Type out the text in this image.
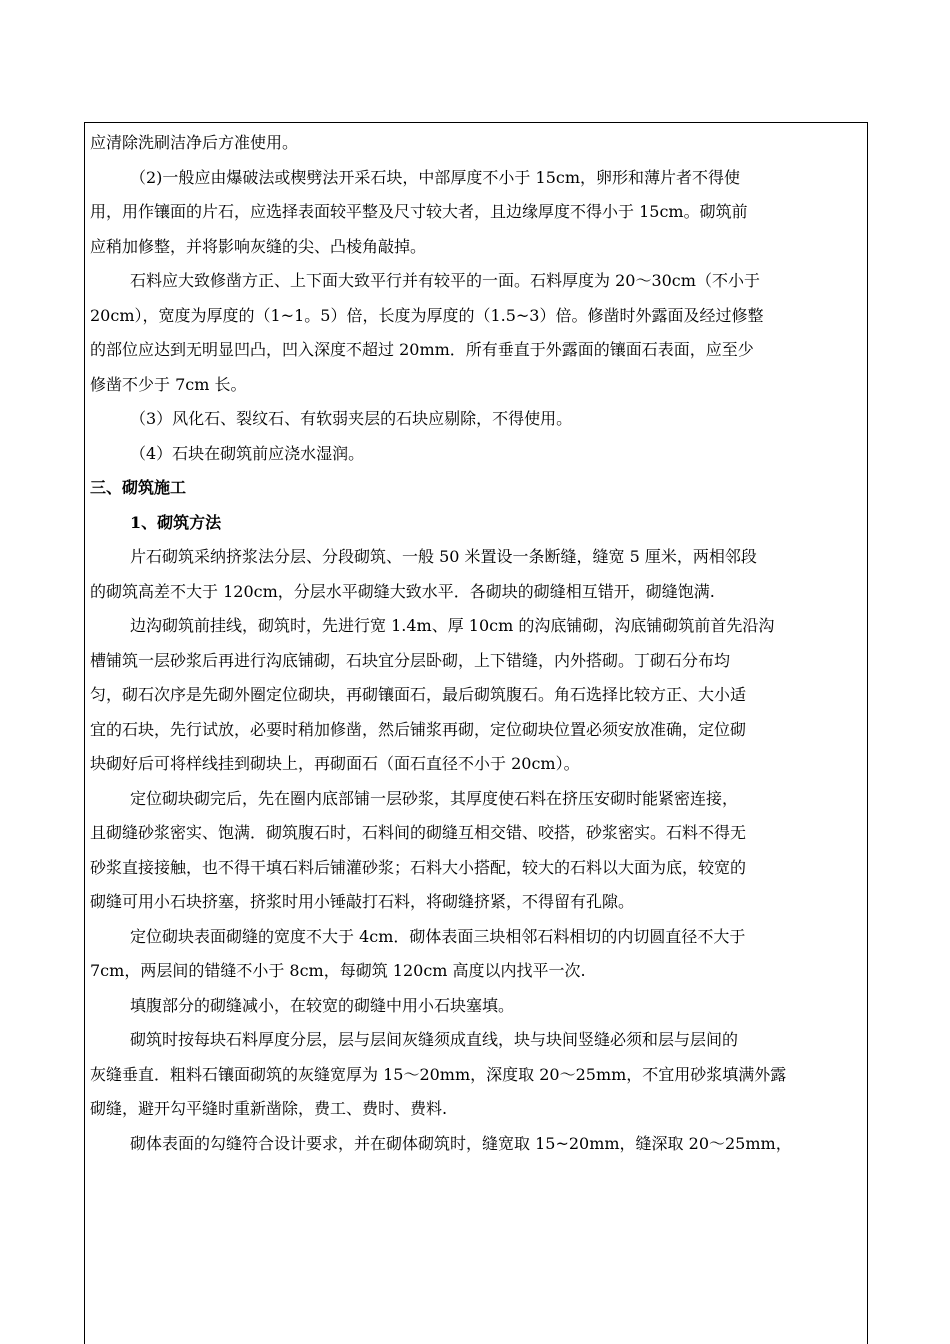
应清除洗刷洁净后方准使用。
（2)一般应由爆破法或楔劈法开采石块，中部厚度不小于 15cm，卵形和薄片者不得使
用，用作镶面的片石，应选择表面较平整及尺寸较大者，且边缘厚度不得小于 15cm。砌筑前
应稍加修整，并将影响灰缝的尖、凸棱角敲掉。
石料应大致修凿方正、上下面大致平行并有较平的一面。石料厚度为 20～30cm（不小于
20cm），宽度为厚度的（1~1。5）倍，长度为厚度的（1.5~3）倍。修凿时外露面及经过修整
的部位应达到无明显凹凸，凹入深度不超过 20mm．所有垂直于外露面的镶面石表面，应至少
修凿不少于 7cm 长。
（3）风化石、裂纹石、有软弱夹层的石块应剔除，不得使用。
（4）石块在砌筑前应浇水湿润。
三、砌筑施工
1、砌筑方法
片石砌筑采纳挤浆法分层、分段砌筑、一般 50 米置设一条断缝，缝宽 5 厘米，两相邻段
的砌筑高差不大于 120cm，分层水平砌缝大致水平．各砌块的砌缝相互错开，砌缝饱满.
边沟砌筑前挂线，砌筑时，先进行宽 1.4m、厚 10cm 的沟底铺砌，沟底铺砌筑前首先沿沟
槽铺筑一层砂浆后再进行沟底铺砌，石块宜分层卧砌，上下错缝，内外搭砌。丁砌石分布均
匀，砌石次序是先砌外圈定位砌块，再砌镶面石，最后砌筑腹石。角石选择比较方正、大小适
宜的石块，先行试放，必要时稍加修凿，然后铺浆再砌，定位砌块位置必须安放准确，定位砌
块砌好后可将样线挂到砌块上，再砌面石（面石直径不小于 20cm）。
定位砌块砌完后，先在圈内底部铺一层砂浆，其厚度使石料在挤压安砌时能紧密连接，
且砌缝砂浆密实、饱满．砌筑腹石时，石料间的砌缝互相交错、咬搭，砂浆密实。石料不得无
砂浆直接接触，也不得干填石料后铺灌砂浆；石料大小搭配，较大的石料以大面为底，较宽的
砌缝可用小石块挤塞，挤浆时用小锤敲打石料，将砌缝挤紧，不得留有孔隙。
定位砌块表面砌缝的宽度不大于 4cm．砌体表面三块相邻石料相切的内切圆直径不大于
7cm，两层间的错缝不小于 8cm，每砌筑 120cm 高度以内找平一次.
填腹部分的砌缝减小，在较宽的砌缝中用小石块塞填。
砌筑时按每块石料厚度分层，层与层间灰缝须成直线，块与块间竖缝必须和层与层间的
灰缝垂直．粗料石镶面砌筑的灰缝宽厚为 15～20mm，深度取 20～25mm，不宜用砂浆填满外露
砌缝，避开勾平缝时重新凿除，费工、费时、费料.
砌体表面的勾缝符合设计要求，并在砌体砌筑时，缝宽取 15~20mm，缝深取 20～25mm，
